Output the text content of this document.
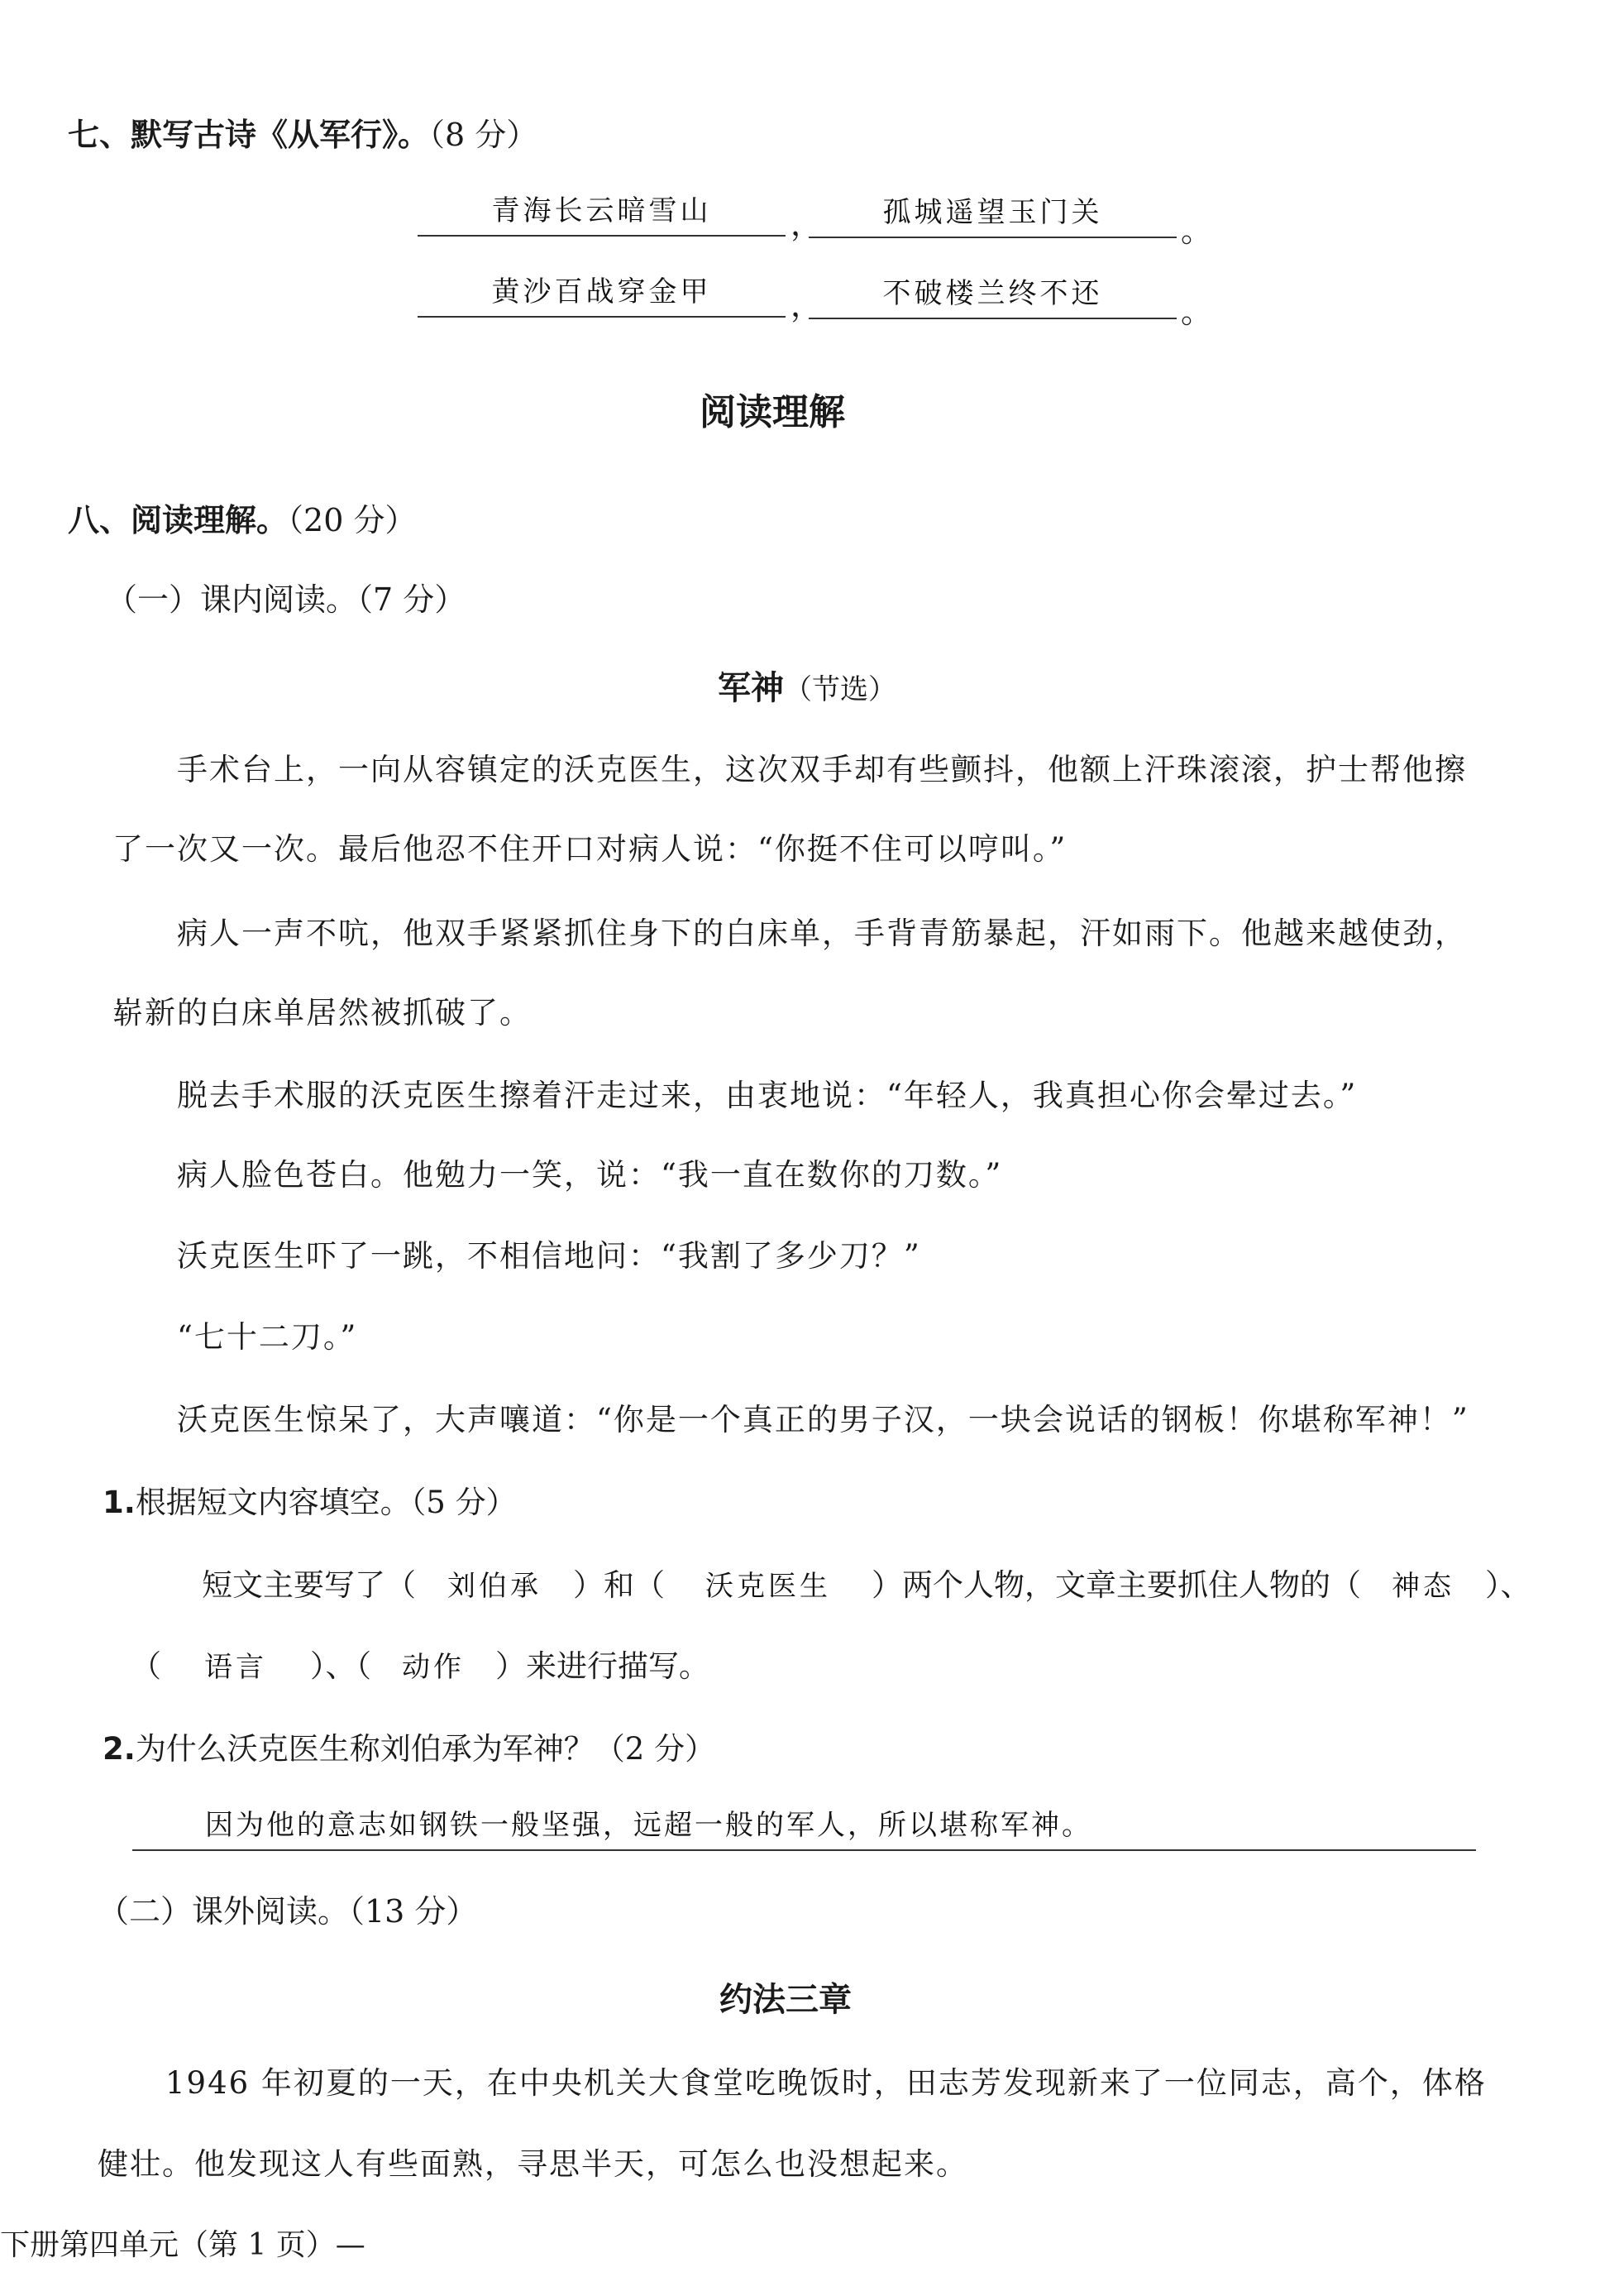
七、默写古诗《从军行》。（8 分）
青海长云暗雪山	，	孤城遥望玉门关	。
黄沙百战穿金甲	，	不破楼兰终不还	。
阅读理解
八、阅读理解。（20 分）
（一）课内阅读。（7 分）
军神（节选）
手术台上，一向从容镇定的沃克医生，这次双手却有些颤抖，他额上汗珠滚滚，护士帮他擦
了一次又一次。最后他忍不住开口对病人说：“你挺不住可以哼叫。”
病人一声不吭，他双手紧紧抓住身下的白床单，手背青筋暴起，汗如雨下。他越来越使劲，
崭新的白床单居然被抓破了。
脱去手术服的沃克医生擦着汗走过来，由衷地说：“年轻人，我真担心你会晕过去。”
病人脸色苍白。他勉力一笑，说：“我一直在数你的刀数。”
沃克医生吓了一跳，不相信地问：“我割了多少刀？”
“七十二刀。”
沃克医生惊呆了，大声嚷道：“你是一个真正的男子汉，一块会说话的钢板！你堪称军神！”
1.根据短文内容填空。（5 分）
短文主要写了（ 刘伯承 ）和（ 沃克医生 ）两个人物，文章主要抓住人物的（ 神态 ）、
（ 语言 ）、（ 动作 ）来进行描写。
2.为什么沃克医生称刘伯承为军神？（2 分）
因为他的意志如钢铁一般坚强，远超一般的军人，所以堪称军神。
（二）课外阅读。（13 分）
约法三章
1946 年初夏的一天，在中央机关大食堂吃晚饭时，田志芳发现新来了一位同志，高个，体格
健壮。他发现这人有些面熟，寻思半天，可怎么也没想起来。
下册第四单元（第 1 页）—
